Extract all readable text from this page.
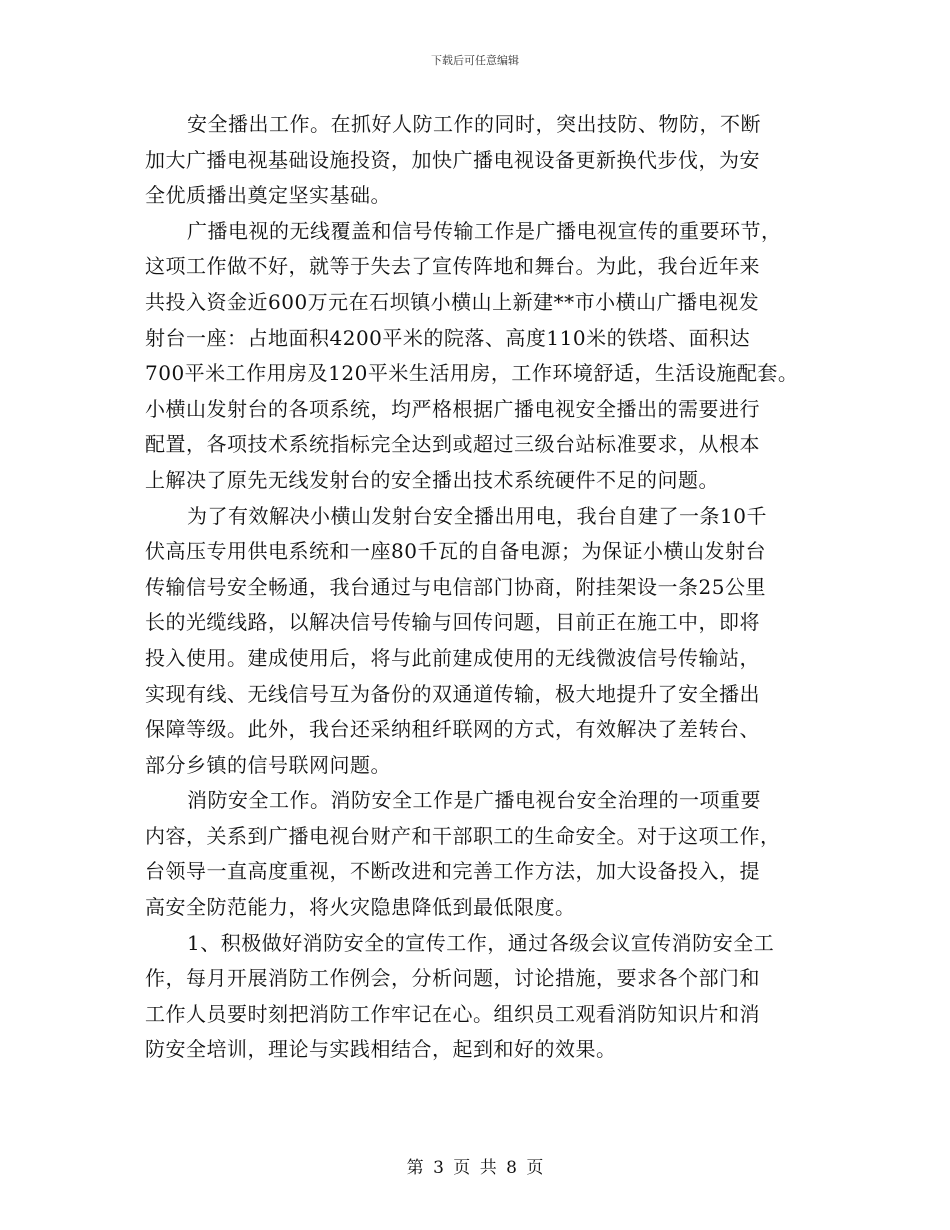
下载后可任意编辑
安全播出工作。在抓好人防工作的同时，突出技防、物防，不断
加大广播电视基础设施投资，加快广播电视设备更新换代步伐，为安
全优质播出奠定坚实基础。
广播电视的无线覆盖和信号传输工作是广播电视宣传的重要环节，
这项工作做不好，就等于失去了宣传阵地和舞台。为此，我台近年来
共投入资金近600万元在石坝镇小横山上新建**市小横山广播电视发
射台一座：占地面积4200平米的院落、高度110米的铁塔、面积达
700平米工作用房及120平米生活用房，工作环境舒适，生活设施配套。
小横山发射台的各项系统，均严格根据广播电视安全播出的需要进行
配置，各项技术系统指标完全达到或超过三级台站标准要求，从根本
上解决了原先无线发射台的安全播出技术系统硬件不足的问题。
为了有效解决小横山发射台安全播出用电，我台自建了一条10千
伏高压专用供电系统和一座80千瓦的自备电源；为保证小横山发射台
传输信号安全畅通，我台通过与电信部门协商，附挂架设一条25公里
长的光缆线路，以解决信号传输与回传问题，目前正在施工中，即将
投入使用。建成使用后，将与此前建成使用的无线微波信号传输站，
实现有线、无线信号互为备份的双通道传输，极大地提升了安全播出
保障等级。此外，我台还采纳租纤联网的方式，有效解决了差转台、
部分乡镇的信号联网问题。
消防安全工作。消防安全工作是广播电视台安全治理的一项重要
内容，关系到广播电视台财产和干部职工的生命安全。对于这项工作，
台领导一直高度重视，不断改进和完善工作方法，加大设备投入，提
高安全防范能力，将火灾隐患降低到最低限度。
1、积极做好消防安全的宣传工作，通过各级会议宣传消防安全工
作，每月开展消防工作例会，分析问题，讨论措施，要求各个部门和
工作人员要时刻把消防工作牢记在心。组织员工观看消防知识片和消
防安全培训，理论与实践相结合，起到和好的效果。
第 3 页 共 8 页
